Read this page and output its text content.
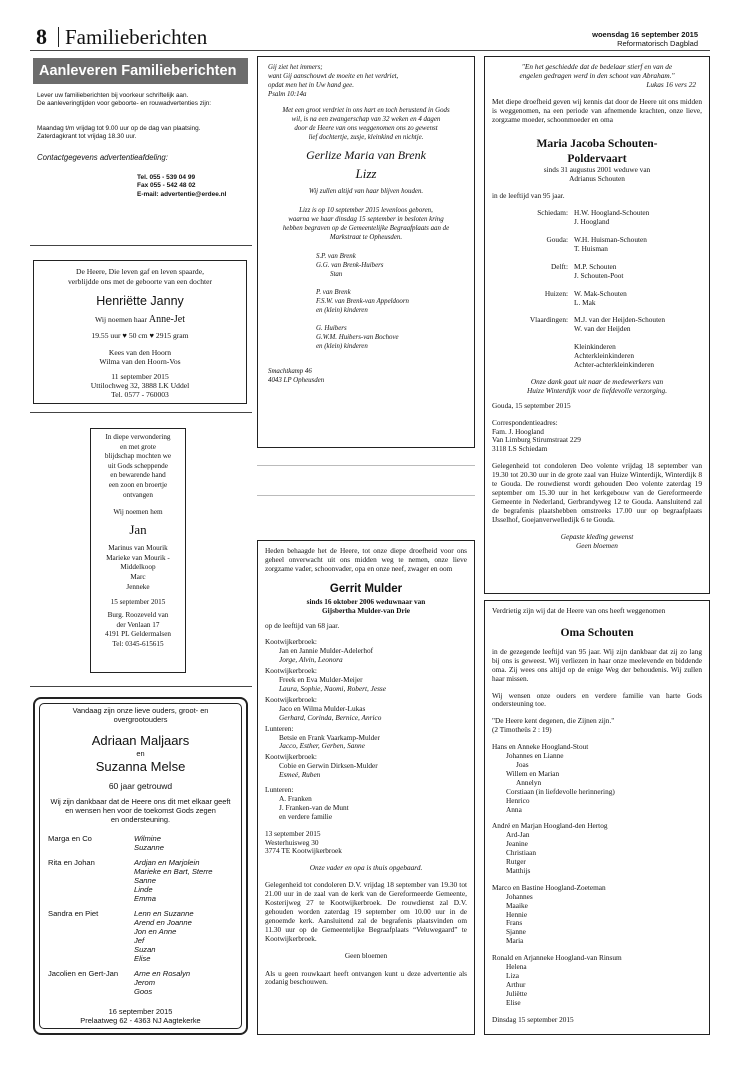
8 Familieberichten	woensdag 16 september 2015
Reformatorisch Dagblad
Aanleveren Familieberichten
Lever uw familieberichten bij voorkeur schriftelijk aan.
De aanleveringtijden voor geboorte- en rouwadvertenties zijn:
Maandag t/m vrijdag tot 9.00 uur op de dag van plaatsing.
Zaterdagkrant tot vrijdag 18.30 uur.
Contactgegevens advertentieafdeling:
Tel. 055 - 539 04 99
Fax 055 - 542 48 02
E-mail: advertentie@erdee.nl
De Heere, Die leven gaf en leven spaarde,
verblijdde ons met de geboorte van een dochter
Henriëtte Janny
Wij noemen haar Anne-Jet
19.55 uur ♥ 50 cm ♥ 2915 gram
Kees van den Hoorn
Wilma van den Hoorn-Vos
11 september 2015
Uttilochweg 32, 3888 LK Uddel
Tel. 0577 - 760003
In diepe verwondering
en met grote
blijdschap mochten we
uit Gods scheppende
en bewarende hand
een zoon en broertje
ontvangen
Wij noemen hem
Jan
Marinus van Mourik
Marieke van Mourik -
Middelkoop
Marc
Jenneke
15 september 2015
Burg. Roozeveld van
der Venlaan 17
4191 PL Geldermalsen
Tel: 0345-615615
Vandaag zijn onze lieve ouders, groot- en
overgrootouders
Adriaan Maljaars
en
Suzanna Melse
60 jaar getrouwd
Wij zijn dankbaar dat de Heere ons dit met elkaar geeft
en wensen hen voor de toekomst Gods zegen
en ondersteuning.
Marga en Co	Wilmine
Suzanne
Rita en Johan	Ardjan en Marjolein
Marieke en Bart, Sterre
Sanne
Linde
Emma
Sandra en Piet	Lenn en Suzanne
Arend en Joanne
Jon en Anne
Jef
Suzan
Elise
Jacolien en Gert-Jan	Arne en Rosalyn
Jerom
Goos
16 september 2015
Prelaatweg 62 - 4363 NJ Aagtekerke
Gij ziet het immers;
want Gij aanschouwt de moeite en het verdriet,
opdat men het in Uw hand gee.
Psalm 10:14a
Met een groot verdriet in ons hart en toch berustend in Gods
wil, is na een zwangerschap van 32 weken en 4 dagen
door de Heere van ons weggenomen ons zo gewenst
lief dochtertje, zusje, kleinkind en nichtje.
Gerlize Maria van Brenk
Lizz
Wij zullen altijd van haar blijven houden.
Lizz is op 10 september 2015 levenloos geboren,
waarna we haar dinsdag 15 september in besloten kring
hebben begraven op de Gemeentelijke Begraafplaats aan de
Markstraat te Opheusden.
S.P. van Brenk
G.G. van Brenk-Huibers
Stan
P. van Brenk
F.S.W. van Brenk-van Appeldoorn
en (klein) kinderen
G. Huibers
G.W.M. Huibers-van Bochove
en (klein) kinderen
Smachtkamp 46
4043 LP Opheusden

Heden behaagde het de Heere, tot onze diepe droefheid voor ons geheel onverwacht uit ons midden weg te nemen, onze lieve zorgzame vader, schoonvader, opa en onze neef, zwager en oom

Gerrit Mulder
sinds 16 oktober 2006 weduwnaar van
Gijsbertha Mulder-van Drie
op de leeftijd van 68 jaar.
Kootwijkerbroek:
Jan en Jannie Mulder-Adelerhof
Jorge, Alvin, Leonora
Kootwijkerbroek:
Freek en Eva Mulder-Meijer
Laura, Sophie, Naomi, Robert, Jesse
Kootwijkerbroek:
Jaco en Wilma Mulder-Lukas
Gerhard, Corinda, Bernice, Anrico
Lunteren:
Betsie en Frank Vaarkamp-Mulder
Jacco, Esther, Gerben, Sanne
Kootwijkerbroek:
Cobie en Gerwin Dirksen-Mulder
Esmeé, Ruben
Lunteren:
A. Franken
J. Franken-van de Munt
en verdere familie
13 september 2015
Westerhuisweg 30
3774 TE Kootwijkerbroek
Onze vader en opa is thuis opgebaard.

Gelegenheid tot condoleren D.V. vrijdag 18 september van 19.30 tot 21.00 uur in de zaal van de kerk van de Gereformeerde Gemeente, Kosterijweg 27 te Kootwijkerbroek. De rouwdienst zal D.V. gehouden worden zaterdag 19 september om 10.00 uur in de genoemde kerk. Aansluitend zal de begrafenis plaatsvinden om 11.30 uur op de Gemeentelijke Begraafplaats “Veluwegaard” te Kootwijkerbroek.

Geen bloemen

Als u geen rouwkaart heeft ontvangen kunt u deze advertentie als zodanig beschouwen.

"En het geschiedde dat de bedelaar stierf en van de
engelen gedragen werd in den schoot van Abraham."
Lukas 16 vers 22

Met diepe droefheid geven wij kennis dat door de Heere uit ons midden is weggenomen, na een periode van afnemende krachten, onze lieve, zorgzame moeder, schoonmoeder en oma

Maria Jacoba Schouten-
Poldervaart
sinds 31 augustus 2001 weduwe van
Adrianus Schouten
in de leeftijd van 95 jaar.
Schiedam: H.W. Hoogland-Schouten
J. Hoogland
Gouda: W.H. Huisman-Schouten
T. Huisman
Delft: M.P. Schouten
J. Schouten-Poot
Huizen: W. Mak-Schouten
L. Mak
Vlaardingen: M.J. van der Heijden-Schouten
W. van der Heijden
Kleinkinderen
Achterkleinkinderen
Achter-achterkleinkinderen
Onze dank gaat uit naar de medewerkers van
Huize Winterdijk voor de liefdevolle verzorging.
Gouda, 15 september 2015
Correspondentieadres:
Fam. J. Hoogland
Van Limburg Stirumstraat 229
3118 LS Schiedam

Gelegenheid tot condoleren Deo volente vrijdag 18 september van 19.30 tot 20.30 uur in de grote zaal van Huize Winterdijk, Winterdijk 8 te Gouda. De rouwdienst wordt gehouden Deo volente zaterdag 19 september om 15.30 uur in het kerkgebouw van de Gereformeerde Gemeente in Nederland, Gerbrandyweg 12 te Gouda. Aansluitend zal de begrafenis plaatshebben omstreeks 17.00 uur op begraafplaats IJsselhof, Goejanverwelledijk 6 te Gouda.

Gepaste kleding gewenst
Geen bloemen

Verdrietig zijn wij dat de Heere van ons heeft weggenomen

Oma Schouten

in de gezegende leeftijd van 95 jaar. Wij zijn dankbaar dat zij zo lang bij ons is geweest. Wij verliezen in haar onze meelevende en biddende oma. Zij wees ons altijd op de enige Weg der behoudenis. Wij zullen haar missen.

Wij wensen onze ouders en verdere familie van harte Gods ondersteuning toe.

"De Heere kent degenen, die Zijnen zijn."
(2 Timotheüs 2 : 19)
Hans en Anneke Hoogland-Stout
Johannes en Lianne
Joas
Willem en Marian
Annelyn
Corstiaan (in liefdevolle herinnering)
Henrico
Anna
André en Marjan Hoogland-den Hertog
Ard-Jan
Jeanine
Christiaan
Rutger
Matthijs
Marco en Bastine Hoogland-Zoeteman
Johannes
Maaike
Hennie
Frans
Sjanne
Maria
Ronald en Arjanneke Hoogland-van Rinsum
Helena
Liza
Arthur
Juliëtte
Elise
Dinsdag 15 september 2015
